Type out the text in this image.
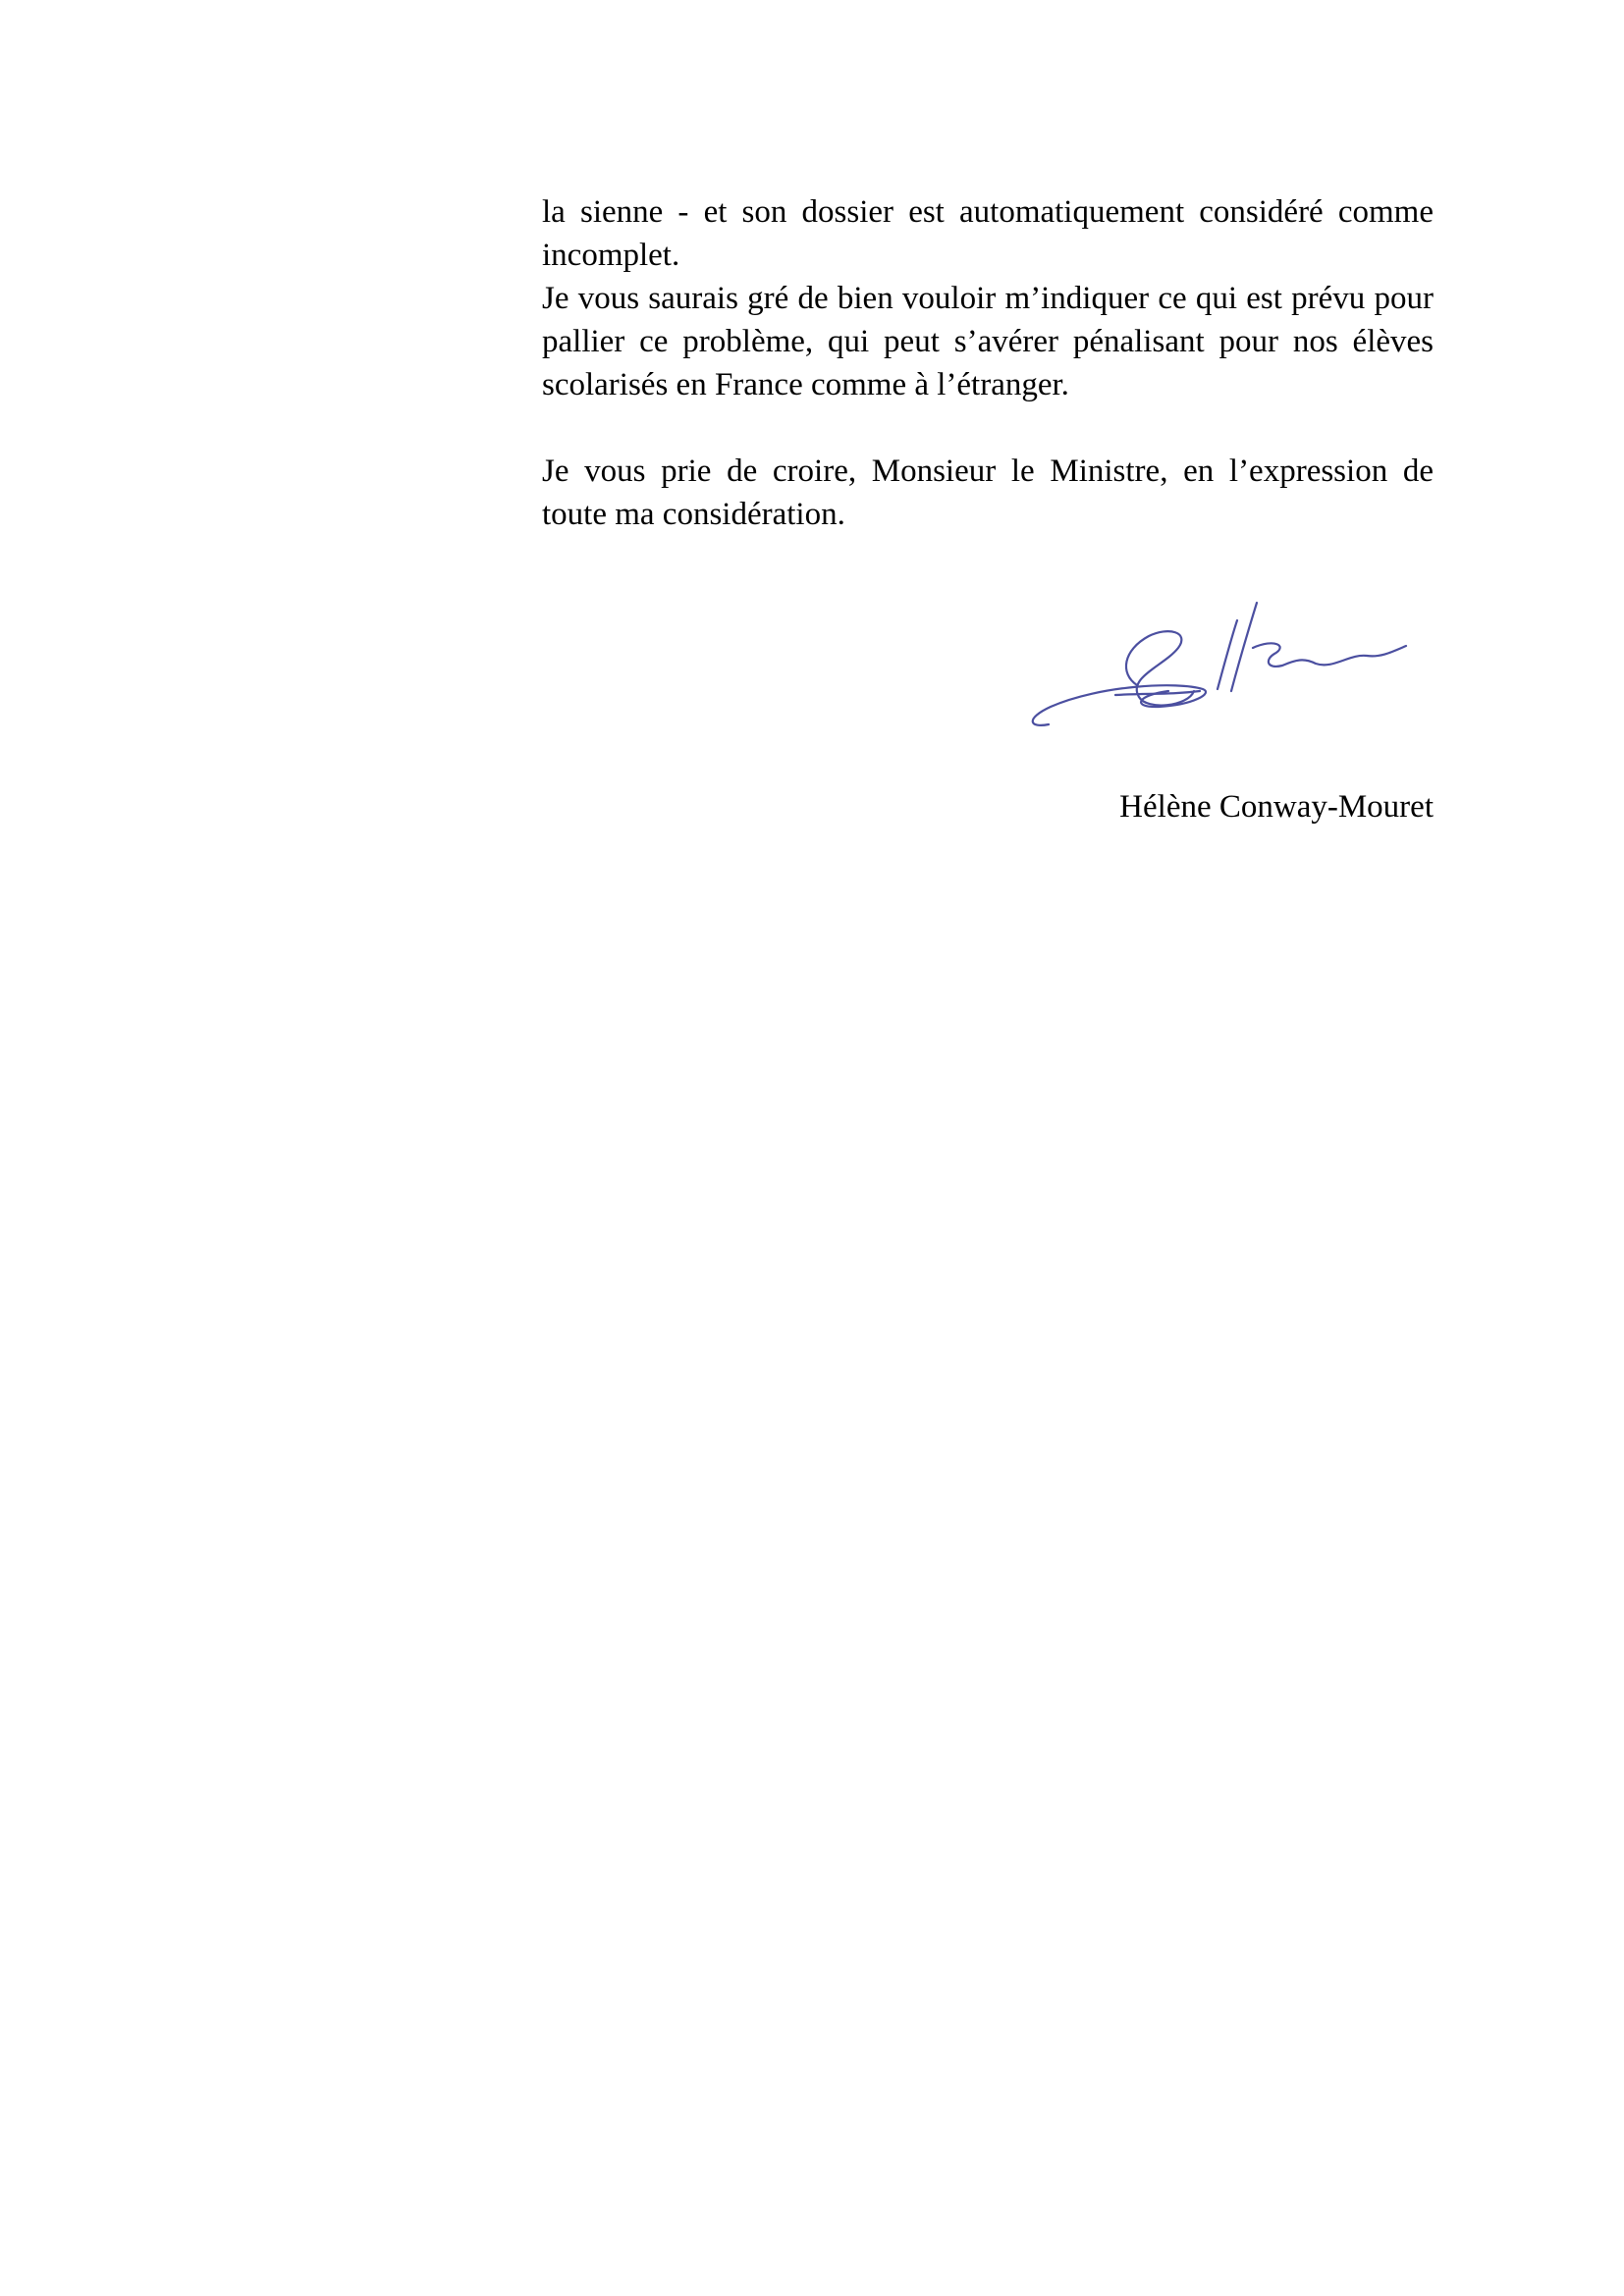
la sienne - et son dossier est automatiquement considéré comme incomplet.

Je vous saurais gré de bien vouloir m’indiquer ce qui est prévu pour pallier ce problème, qui peut s’avérer pénalisant pour nos élèves scolarisés en France comme à l’étranger.

Je vous prie de croire, Monsieur le Ministre, en l’expression de toute ma considération.

Hélène Conway-Mouret
